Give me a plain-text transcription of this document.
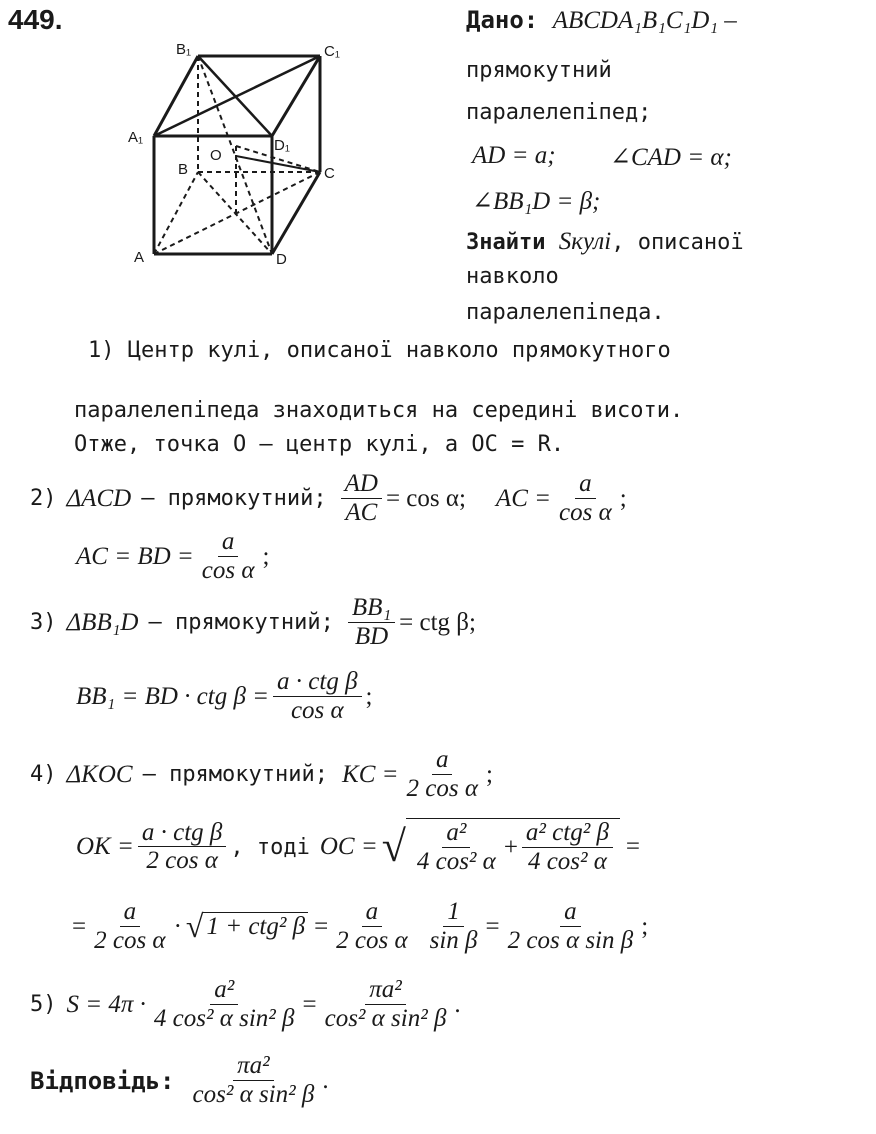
449.
B₁	C₁
A₁	D₁
B
O
C
A	D
Дано: ABCDA₁B₁C₁D₁ –
прямокутний
паралелепіпед;
AD = a; ∠CAD = α;
∠BB₁D = β;
Знайти Sкулі, описаної
навколо
паралелепіпеда.
1) Центр кулі, описаної навколо прямокутного
паралелепіпеда знаходиться на середині висоти.
Отже, точка O – центр кулі, а OC = R.
2) ΔACD – прямокутний; $\frac{AD}{AC} = \cos \alpha$; AC = $\frac{a}{\text{cos α}}$ ;
AC = BD = $\frac{a}{\text{cos α}}$ ;
3) ΔBB₁D – прямокутний; $\frac{\text{BB₁}}{BD}$ = ctg β;
BB₁ = BD · ctg $\beta = \frac{\text{a · ctg β}}{\text{cos α}}$ ;
4) ΔKOC – прямокутний; KC = $\frac{a}{\text{2 cos α}}$ ;
OK = $\frac{\text{a · ctg β}}{\text{2 cos α}}$ , тоді OC = √ $\frac{\text{a²}}{\text{4 cos² α}} + \frac{\text{a² ctg² β}}{\text{4 cos² α}}$ =
= $\frac{a}{\text{2 cos α}}$ · √ 1 + ctg² $\beta = \frac{a}{\text{2 cos α}} \frac{1}{\text{sin β}} = \frac{a}{\text{2 cos α sin β}}$ ;
5) $S = 4\pi \cdot \frac{\text{a²}}{\text{4 cos² α sin² β}} = \frac{\text{πa²}}{\text{cos² α sin² β}}$ .
Відповідь: $\frac{\text{πa²}}{\text{cos² α sin² β}}$ .
